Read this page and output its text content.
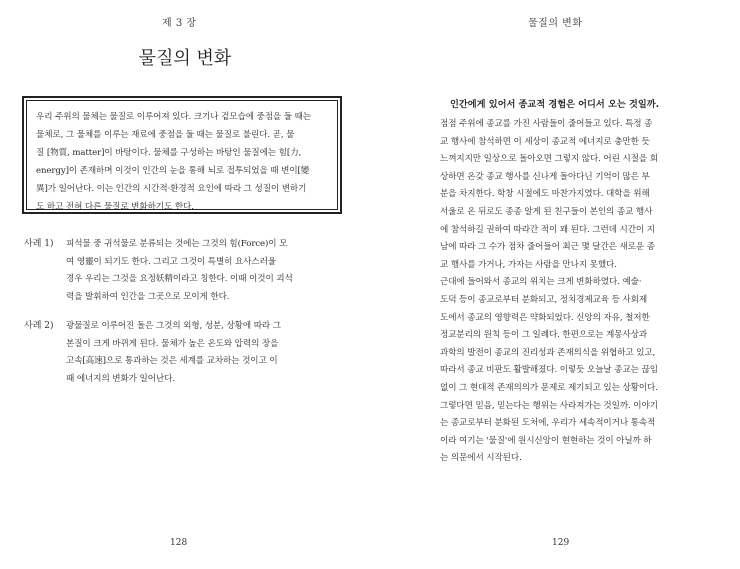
제 3 장
물질의 변화

우리 주위의 물체는 물질로 이루어져 있다. 크기나 겉모습에 중점을 둘 때는

물체로, 그 물체를 이루는 재료에 중점을 둘 때는 물질로 불린다. 곧, 물

질 [物質, matter]이 바탕이다. 물체를 구성하는 바탕인 물질에는 힘[力,

energy]이 존재하며 이것이 인간의 눈을 통해 뇌로 접투되었을 때 변이[變

異]가 일어난다. 이는 인간의 시간적·환경적 요인에 따라 그 성질이 변하기

도 하고 전혀 다른 물질로 변화하기도 한다.

사례 1) 피석물 중 귀석물로 분류되는 것에는 그것의 힘(Force)이 모

여 영靈이 되기도 한다. 그리고 그것이 특별히 요사스러울

경우 우리는 그것을 요정妖精이라고 칭한다. 이때 이것이 괴석

력을 발휘하여 인간을 그곳으로 모이게 한다.

사례 2) 광물질로 이루어진 돌은 그것의 외형, 성분, 상황에 따라 그

본질이 크게 바뀌게 된다. 물체가 높은 온도와 압력의 장을

고속[高速]으로 통과하는 것은 세계를 교차하는 것이고 이

때 에너지의 변화가 일어난다.

128
물질의 변화
인간에게 있어서 종교적 경험은 어디서 오는 것일까.

점점 주위에 종교를 가진 사람들이 줄어들고 있다. 특정 종

교 행사에 참석하면 이 세상이 종교적 에너지로 충만한 듯

느껴지지만 일상으로 돌아오면 그렇지 않다. 어린 시절을 회

상하면 온갖 종교 행사를 신나게 돌아다닌 기억이 많은 부

분을 차지한다. 학창 시절에도 마찬가지였다. 대학을 위해

서울로 온 뒤로도 종종 알게 된 친구들이 본인의 종교 행사

에 참석하길 권하여 따라간 적이 꽤 된다. 그런데 시간이 지

남에 따라 그 수가 점차 줄어들어 최근 몇 달간은 새로운 종

교 행사를 가거나, 가자는 사람을 만나지 못했다.

근대에 들어와서 종교의 위치는 크게 변화하였다. 예술·

도덕 등이 종교로부터 분화되고, 정치경제교육 등 사회제

도에서 종교의 영향력은 약화되었다. 신앙의 자유, 철저한

정교분리의 원칙 등이 그 일례다. 한편으로는 계몽사상과

과학의 발전이 종교의 진리성과 존재의식을 위협하고 있고,

따라서 종교 비판도 활발해졌다. 이렇듯 오늘날 종교는 끊임

없이 그 현대적 존재의의가 문제로 제기되고 있는 상황이다.

그렇다면 믿음, 믿는다는 행위는 사라져가는 것일까. 이야기

는 종교로부터 분화된 도처에, 우리가 세속적이거나 통속적

이라 여기는 '물질'에 원시신앙이 현현하는 것이 아닐까 하

는 의문에서 시작된다.

129
